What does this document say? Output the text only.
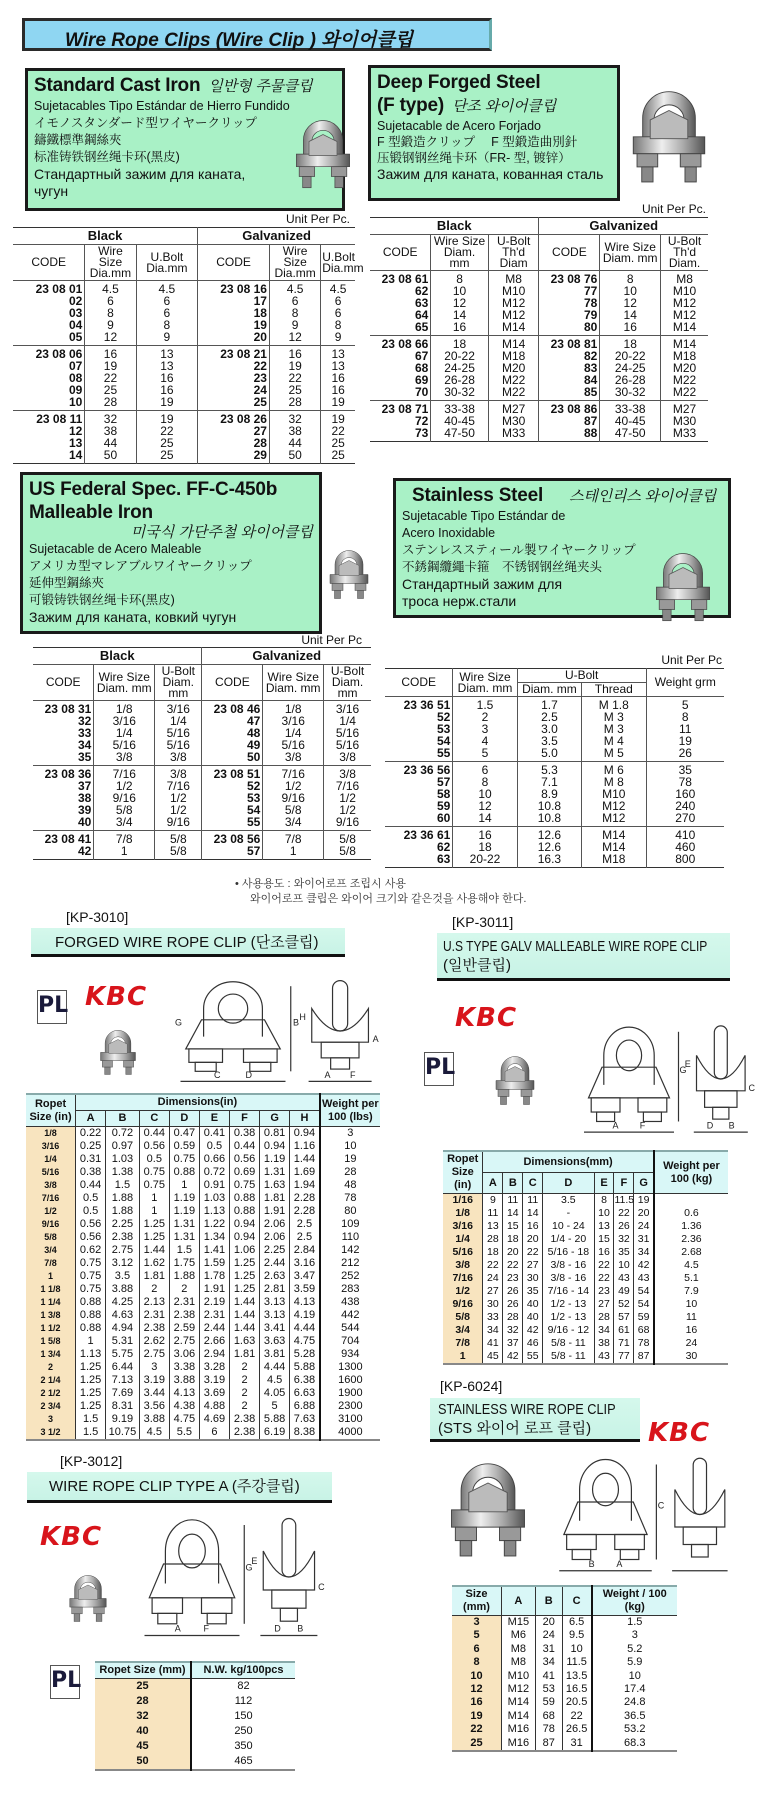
Wire Rope Clips (Wire Clip ) 와이어클립
Standard Cast Iron 일반형 주물클립
Sujetacables Tipo Estándar de Hierro Fundido
イモノスタンダード型ワイヤークリップ
鑄鐵標準鋼絲夾
标准铸铁钢丝绳卡环(黑皮)
Стандартный зажим для каната,
чугун
Unit Per Pc.
Black			Galvanized		
CODE	Wire Size Dia.mm	U.Bolt Dia.mm	CODE	Wire Size Dia.mm	U.Bolt Dia.mm
23 08 01	4.5	4.5	23 08 16	4.5	4.5
02	6	6	17	6	6
03	8	6	18	8	6
04	9	8	19	9	8
05	12	9	20	12	9
23 08 06	16	13	23 08 21	16	13
07	19	13	22	19	13
08	22	16	23	22	16
09	25	16	24	25	16
10	28	19	25	28	19
23 08 11	32	19	23 08 26	32	19
12	38	22	27	38	22
13	44	25	28	44	25
14	50	25	29	50	25
Deep Forged Steel
(F type) 단조 와이어클립
Sujetacable de Acero Forjado
F 型鍛造クリップ　 F 型鍛造曲別針
压锻钢钢丝绳卡环（FR- 型, 镀锌）
Зажим для каната, кованная сталь
Unit Per Pc.
Black			Galvanized		
CODE	Wire Size Diam. mm	U-Bolt Th'd Diam	CODE	Wire Size Diam. mm	U-Bolt Th'd Diam.
23 08 61	8	M8	23 08 76	8	M8
62	10	M10	77	10	M10
63	12	M12	78	12	M12
64	14	M12	79	14	M12
65	16	M14	80	16	M14
23 08 66	18	M14	23 08 81	18	M14
67	20-22	M18	82	20-22	M18
68	24-25	M20	83	24-25	M20
69	26-28	M22	84	26-28	M22
70	30-32	M22	85	30-32	M22
23 08 71	33-38	M27	23 08 86	33-38	M27
72	40-45	M30	87	40-45	M30
73	47-50	M33	88	47-50	M33
US Federal Spec. FF-C-450b
Malleable Iron
미국식 가단주철 와이어클립
Sujetacable de Acero Maleable
アメリカ型マレアブルワイヤークリップ
延伸型鋼絲夾
可锻铸铁钢丝绳卡环(黑皮)
Зажим для каната, ковкий чугун
Unit Per Pc
Black			Galvanized		
CODE	Wire Size Diam. mm	U-Bolt Diam. mm	CODE	Wire Size Diam. mm	U-Bolt Diam. mm
23 08 31	1/8	3/16	23 08 46	1/8	3/16
32	3/16	1/4	47	3/16	1/4
33	1/4	5/16	48	1/4	5/16
34	5/16	5/16	49	5/16	5/16
35	3/8	3/8	50	3/8	3/8
23 08 36	7/16	3/8	23 08 51	7/16	3/8
37	1/2	7/16	52	1/2	7/16
38	9/16	1/2	53	9/16	1/2
39	5/8	1/2	54	5/8	1/2
40	3/4	9/16	55	3/4	9/16
23 08 41	7/8	5/8	23 08 56	7/8	5/8
42	1	5/8	57	1	5/8
Stainless Steel 스테인리스 와이어클립
Sujetacable Tipo Estándar de
Acero Inoxidable
ステンレススティール製ワイヤークリップ
不銹鋼纜繩卡箍　不锈钢钢丝绳夹头
Стандартный зажим для
троса нерж.стали
Unit Per Pc
CODE	Wire Size Diam. mm	U-Bolt		Weight grm
		Diam. mm	Thread	
23 36 51	1.5	1.7	M 1.8	5
52	2	2.5	M 3	8
53	3	3.0	M 3	11
54	4	3.5	M 4	19
55	5	5.0	M 5	26
23 36 56	6	5.3	M 6	35
57	8	7.1	M 8	78
58	10	8.9	M10	160
59	12	10.8	M12	240
60	14	10.8	M12	270
23 36 61	16	12.6	M14	410
62	18	12.6	M14	460
63	20-22	16.3	M18	800
• 사용용도 : 와이어로프 조립시 사용
와이어로프 클립은 와이어 크기와 같은것을 사용해야 한다.
[KP-3010]
FORGED WIRE ROPE CLIP (단조클립)
PL KBC
B
C	D
H
A
A F
G
Ropet Size (in)	Dimensions(in)								Weight per 100 (lbs)
	A	B	C	D	E	F	G	H	
1/8	0.22	0.72	0.44	0.47	0.41	0.38	0.81	0.94	3
3/16	0.25	0.97	0.56	0.59	0.5	0.44	0.94	1.16	10
1/4	0.31	1.03	0.5	0.75	0.66	0.56	1.19	1.44	19
5/16	0.38	1.38	0.75	0.88	0.72	0.69	1.31	1.69	28
3/8	0.44	1.5	0.75	1	0.91	0.75	1.63	1.94	48
7/16	0.5	1.88	1	1.19	1.03	0.88	1.81	2.28	78
1/2	0.5	1.88	1	1.19	1.13	0.88	1.91	2.28	80
9/16	0.56	2.25	1.25	1.31	1.22	0.94	2.06	2.5	109
5/8	0.56	2.38	1.25	1.31	1.34	0.94	2.06	2.5	110
3/4	0.62	2.75	1.44	1.5	1.41	1.06	2.25	2.84	142
7/8	0.75	3.12	1.62	1.75	1.59	1.25	2.44	3.16	212
1	0.75	3.5	1.81	1.88	1.78	1.25	2.63	3.47	252
1 1/8	0.75	3.88	2	2	1.91	1.25	2.81	3.59	283
1 1/4	0.88	4.25	2.13	2.31	2.19	1.44	3.13	4.13	438
1 3/8	0.88	4.63	2.31	2.38	2.31	1.44	3.13	4.19	442
1 1/2	0.88	4.94	2.38	2.59	2.44	1.44	3.41	4.44	544
1 5/8	1	5.31	2.62	2.75	2.66	1.63	3.63	4.75	704
1 3/4	1.13	5.75	2.75	3.06	2.94	1.81	3.81	5.28	934
2	1.25	6.44	3	3.38	3.28	2	4.44	5.88	1300
2 1/4	1.25	7.13	3.19	3.88	3.19	2	4.5	6.38	1600
2 1/2	1.25	7.69	3.44	4.13	3.69	2	4.05	6.63	1900
2 3/4	1.25	8.31	3.56	4.38	4.88	2	5	6.88	2300
3	1.5	9.19	3.88	4.75	4.69	2.38	5.88	7.63	3100
3 1/2	1.5	10.75	4.5	5.5	6	2.38	6.19	8.38	4000
[KP-3011]
U.S TYPE GALV MALLEABLE WIRE ROPE CLIP
(일반클립)
KBC
PL	G
A F
E
C
D B
Ropet Size (in)	Dimensions(mm)							Weight per 100 (kg)
	A	B	C	D	E	F	G	
1/16	9	11	11	3.5	8	11.5	19	
1/8	11	14	14	-	10	22	20	0.6
3/16	13	15	16	10 - 24	13	26	24	1.36
1/4	28	18	20	1/4 - 20	15	32	31	2.36
5/16	18	20	22	5/16 - 18	16	35	34	2.68
3/8	22	22	27	3/8 - 16	22	10	42	4.5
7/16	24	23	30	3/8 - 16	22	43	43	5.1
1/2	27	26	35	7/16 - 14	23	49	54	7.9
9/16	30	26	40	1/2 - 13	27	52	54	10
5/8	33	28	40	1/2 - 13	28	57	59	11
3/4	34	32	42	9/16 - 12	34	61	68	16
7/8	41	37	46	5/8 - 11	38	71	78	24
1	45	42	55	5/8 - 11	43	77	87	30
[KP-6024]
STAINLESS WIRE ROPE CLIP
(STS 와이어 로프 클립)	KBC
C
B A
Size (mm)	A	B	C	Weight / 100 (kg)
3	M15	20	6.5	1.5
5	M6	24	9.5	3
6	M8	31	10	5.2
8	M8	34	11.5	5.9
10	M10	41	13.5	10
12	M12	53	16.5	17.4
16	M14	59	20.5	24.8
19	M14	68	22	36.5
22	M16	78	26.5	53.2
25	M16	87	31	68.3
[KP-3012]
WIRE ROPE CLIP TYPE A (주강클립)
KBC
G
A	F
E
C
D B
PL Ropet Size (mm)	N.W. kg/100pcs
25	82
28	112
32	150
40	250
45	350
50	465
